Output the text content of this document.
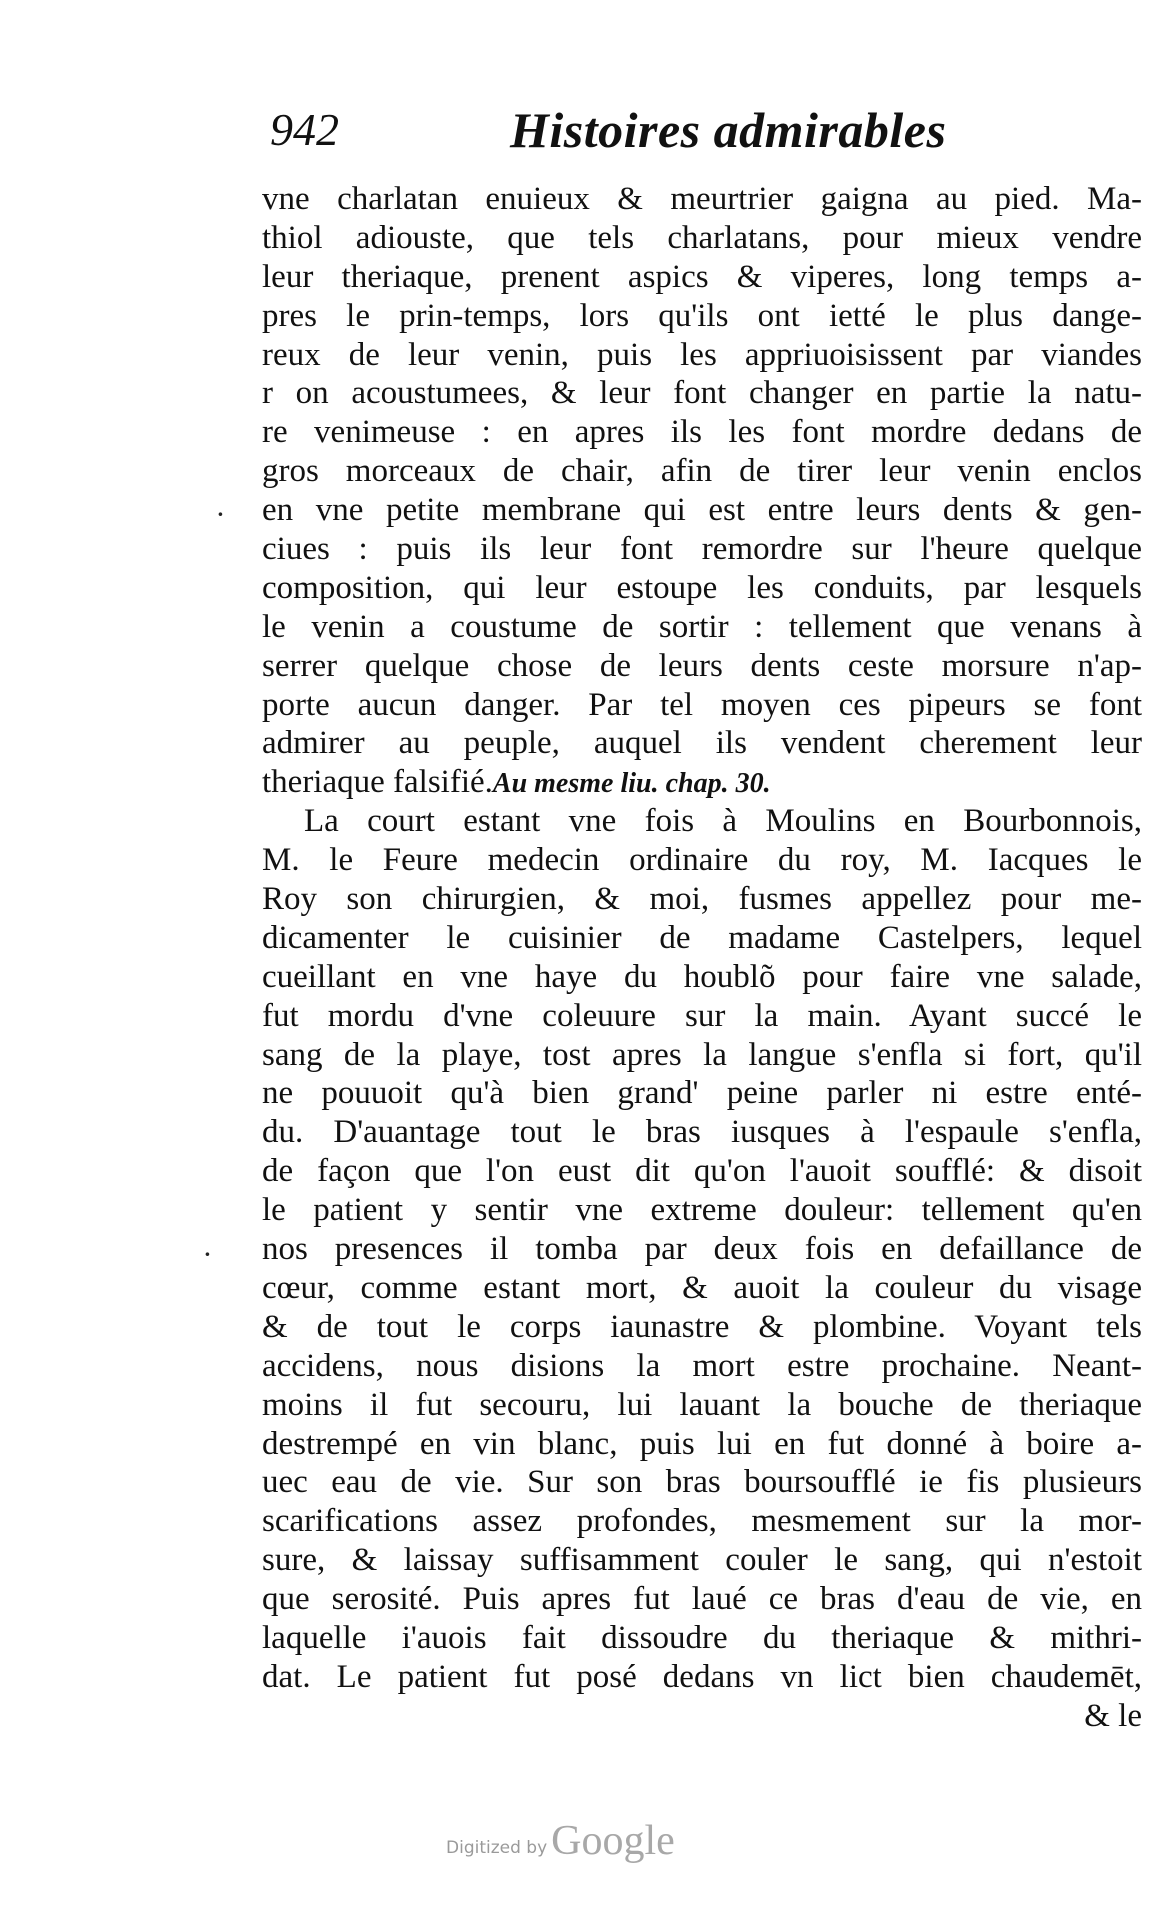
942	Histoires admirables
·
·
vne charlatan enuieux & meurtrier gaigna au pied. Ma-
thiol adiouste, que tels charlatans, pour mieux vendre
leur theriaque, prenent aspics & viperes, long temps a-
pres le prin-temps, lors qu'ils ont ietté le plus dange-
reux de leur venin, puis les appriuoisissent par viandes
r on acoustumees, & leur font changer en partie la natu-
re venimeuse : en apres ils les font mordre dedans de
gros morceaux de chair, afin de tirer leur venin enclos
en vne petite membrane qui est entre leurs dents & gen-
ciues : puis ils leur font remordre sur l'heure quelque
composition, qui leur estoupe les conduits, par lesquels
le venin a coustume de sortir : tellement que venans à
serrer quelque chose de leurs dents ceste morsure n'ap-
porte aucun danger. Par tel moyen ces pipeurs se font
admirer au peuple, auquel ils vendent cherement leur
theriaque falsifié.Au mesme liu. chap. 30.
La court estant vne fois à Moulins en Bourbonnois,
M. le Feure medecin ordinaire du roy, M. Iacques le
Roy son chirurgien, & moi, fusmes appellez pour me-
dicamenter le cuisinier de madame Castelpers, lequel
cueillant en vne haye du houblõ pour faire vne salade,
fut mordu d'vne coleuure sur la main. Ayant succé le
sang de la playe, tost apres la langue s'enfla si fort, qu'il
ne pouuoit qu'à bien grand' peine parler ni estre enté-
du. D'auantage tout le bras iusques à l'espaule s'enfla,
de façon que l'on eust dit qu'on l'auoit soufflé: & disoit
le patient y sentir vne extreme douleur: tellement qu'en
nos presences il tomba par deux fois en defaillance de
cœur, comme estant mort, & auoit la couleur du visage
& de tout le corps iaunastre & plombine. Voyant tels
accidens, nous disions la mort estre prochaine. Neant-
moins il fut secouru, lui lauant la bouche de theriaque
destrempé en vin blanc, puis lui en fut donné à boire a-
uec eau de vie. Sur son bras boursoufflé ie fis plusieurs
scarifications assez profondes, mesmement sur la mor-
sure, & laissay suffisamment couler le sang, qui n'estoit
que serosité. Puis apres fut laué ce bras d'eau de vie, en
laquelle i'auois fait dissoudre du theriaque & mithri-
dat. Le patient fut posé dedans vn lict bien chaudemēt,
& le
Digitized by Google
